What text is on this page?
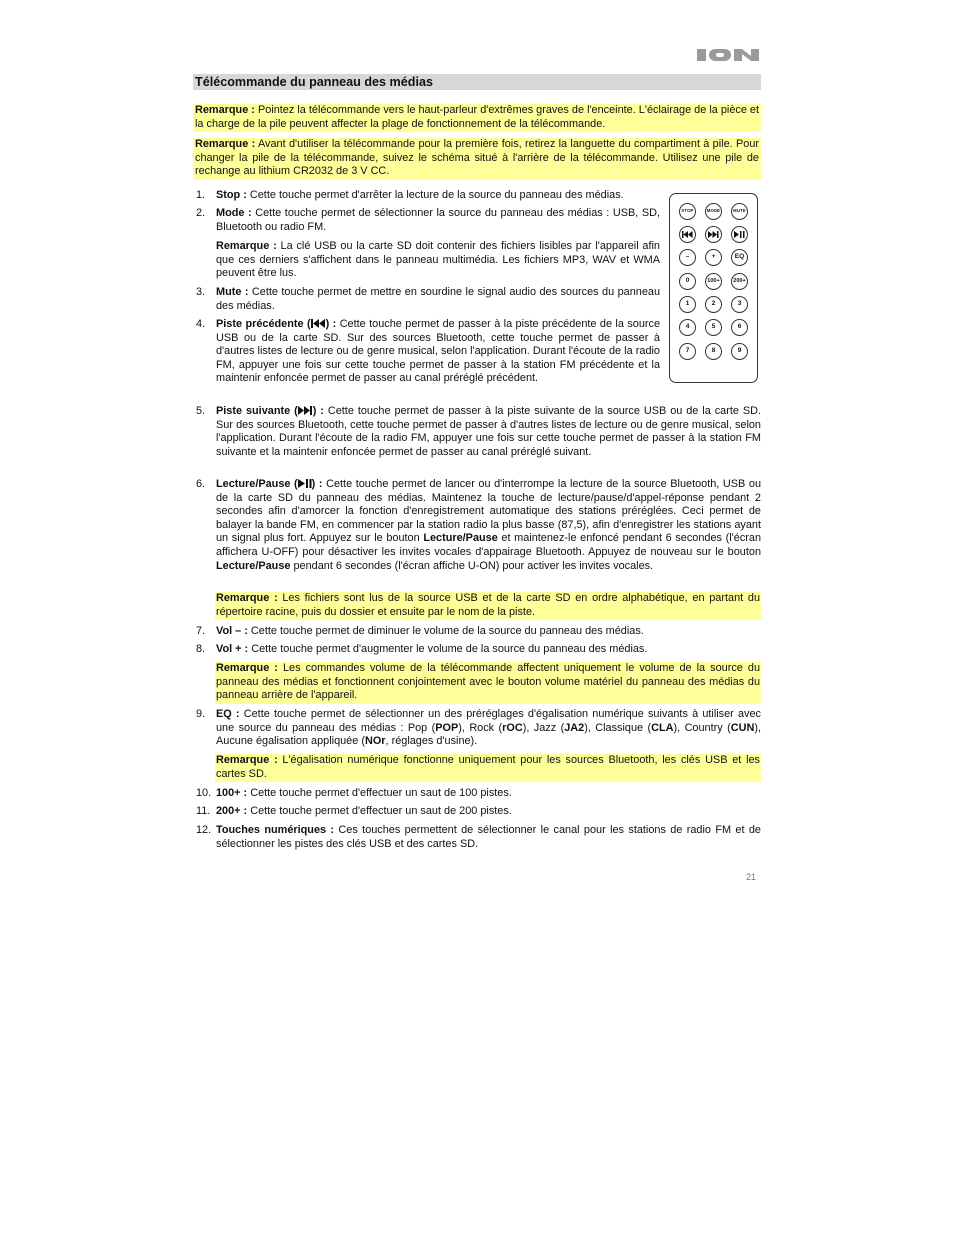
Télécommande du panneau des médias
Remarque : Pointez la télécommande vers le haut-parleur d'extrêmes graves de l'enceinte. L'éclairage de la pièce et la charge de la pile peuvent affecter la plage de fonctionnement de la télécommande.
Remarque : Avant d'utiliser la télécommande pour la première fois, retirez la languette du compartiment à pile. Pour changer la pile de la télécommande, suivez le schéma situé à l'arrière de la télécommande. Utilisez une pile de rechange au lithium CR2032 de 3 V CC.
1. Stop : Cette touche permet d'arrêter la lecture de la source du panneau des médias.
2. Mode : Cette touche permet de sélectionner la source du panneau des médias : USB, SD, Bluetooth ou radio FM.
Remarque : La clé USB ou la carte SD doit contenir des fichiers lisibles par l'appareil afin que ces derniers s'affichent dans le panneau multimédia. Les fichiers MP3, WAV et WMA peuvent être lus.
3. Mute : Cette touche permet de mettre en sourdine le signal audio des sources du panneau des médias.
4. Piste précédente ( ) : Cette touche permet de passer à la piste précédente de la source USB ou de la carte SD. Sur des sources Bluetooth, cette touche permet de passer à d'autres listes de lecture ou de genre musical, selon l'application. Durant l'écoute de la radio FM, appuyer une fois sur cette touche permet de passer à la station FM précédente et la maintenir enfoncée permet de passer au canal préréglé précédent.
5. Piste suivante ( ) : Cette touche permet de passer à la piste suivante de la source USB ou de la carte SD. Sur des sources Bluetooth, cette touche permet de passer à d'autres listes de lecture ou de genre musical, selon l'application. Durant l'écoute de la radio FM, appuyer une fois sur cette touche permet de passer à la station FM suivante et la maintenir enfoncée permet de passer au canal préréglé suivant.
6. Lecture/Pause ( ) : Cette touche permet de lancer ou d'interrompe la lecture de la source Bluetooth, USB ou de la carte SD du panneau des médias. Maintenez la touche de lecture/pause/d'appel-réponse pendant 2 secondes afin d'amorcer la fonction d'enregistrement automatique des stations préréglées. Ceci permet de balayer la bande FM, en commencer par la station radio la plus basse (87,5), afin d'enregistrer les stations ayant un signal plus fort. Appuyez sur le bouton Lecture/Pause et maintenez-le enfoncé pendant 6 secondes (l'écran affichera U-OFF) pour désactiver les invites vocales d'appairage Bluetooth. Appuyez de nouveau sur le bouton Lecture/Pause pendant 6 secondes (l'écran affiche U-ON) pour activer les invites vocales.
Remarque : Les fichiers sont lus de la source USB et de la carte SD en ordre alphabétique, en partant du répertoire racine, puis du dossier et ensuite par le nom de la piste.
7. Vol – : Cette touche permet de diminuer le volume de la source du panneau des médias.
8. Vol + : Cette touche permet d'augmenter le volume de la source du panneau des médias.
Remarque : Les commandes volume de la télécommande affectent uniquement le volume de la source du panneau des médias et fonctionnent conjointement avec le bouton volume matériel du panneau des médias du panneau arrière de l'appareil.
9. EQ : Cette touche permet de sélectionner un des préréglages d'égalisation numérique suivants à utiliser avec une source du panneau des médias : Pop (POP), Rock (rOC), Jazz (JA2), Classique (CLA), Country (CUN), Aucune égalisation appliquée (NOr, réglages d'usine).
Remarque : L'égalisation numérique fonctionne uniquement pour les sources Bluetooth, les clés USB et les cartes SD.
10. 100+ : Cette touche permet d'effectuer un saut de 100 pistes.
11. 200+ : Cette touche permet d'effectuer un saut de 200 pistes.
12. Touches numériques : Ces touches permettent de sélectionner le canal pour les stations de radio FM et de sélectionner les pistes des clés USB et des cartes SD.
STOP	MODE	MUTE
–	+	EQ
0	100+	200+
1	2	3
4	5	6
7	8	9
21
